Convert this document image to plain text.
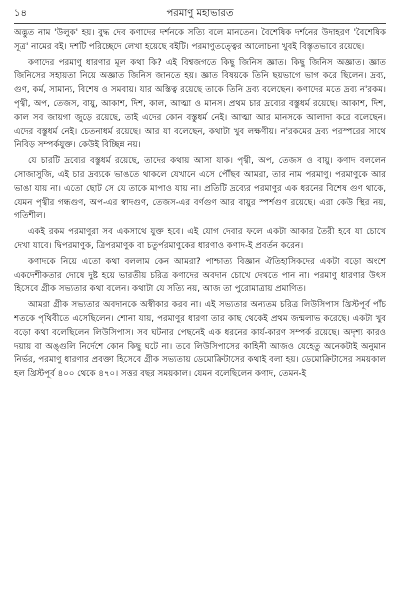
১৪	পরমাণু মহাভারত

অদ্ভুত নাম 'উলুক' হয়। বুদ্ধ দেব কণাদের দর্শনকে সত্যি বলে মানতেন। বৈশেষিক দর্শনের উদাহরণ 'বৈশেষিক সূত্র' নামের বই। দশটি পরিচ্ছেদে লেখা হয়েছে বইটি। পরমাণুতত্ত্বের আলোচনা খুবই বিস্তৃতভাবে রয়েছে।

কণাদের পরমাণু ধারণার মূল কথা কি? এই বিশ্বজগতে কিছু জিনিস জ্ঞাত। কিছু জিনিস অজ্ঞাত। জ্ঞাত জিনিসের সহায়তা নিয়ে অজ্ঞাত জিনিস জানতে হয়। জ্ঞাত বিষয়কে তিনি ছয়ভাগে ভাগ করে ছিলেন। দ্রব্য, গুণ, কর্ম, সামান্য, বিশেষ ও সমবায়। যার অস্তিত্ব রয়েছে তাকে তিনি দ্রব্য বলেছেন। কণাদের মতে দ্রব্য ন'রকম। পৃথ্বী, অপ, তেজস, বায়ু, আকাশ, দিশ, কাল, আত্মা ও মানস। প্রথম চার দ্রব্যের বস্তুধর্ম রয়েছে। আকাশ, দিশ, কাল সব জায়গা জুড়ে রয়েছে, তাই এদের কোন বস্তুধর্ম নেই। আত্মা আর মানসকে আলাদা করে বলেছেন। এদের বস্তুধর্ম নেই। চেতনাধর্ম রয়েছে। আর যা বলেছেন, কথাটা খুব লক্ষণীয়। ন'রকমের দ্রব্য পরস্পরের সাথে নিবিড় সম্পর্কযুক্ত। কেউই বিচ্ছিন্ন নয়।

যে চারটি দ্রব্যের বস্তুধর্ম রয়েছে, তাদের কথায় আসা যাক। পৃথ্বী, অপ, তেজস ও বায়ু। কণাদ বললেন সোজাসুজি, এই চার দ্রব্যকে ভাঙতে থাকলে যেখানে এসে পৌঁছব আমরা, তার নাম পরমাণু। পরমাণুকে আর ভাঙা যায় না। এতো ছোট সে যে তাকে মাপাও যায় না। প্রতিটি দ্রব্যের পরমাণুর এক ধরনের বিশেষ গুণ থাকে, যেমন পৃথ্বীর গন্ধগুণ, অপ-এর স্বাদগুণ, তেজস-এর বর্ণগুণ আর বায়ুর স্পর্শগুণ রয়েছে। এরা কেউ স্থির নয়, গতিশীল।

একই রকম পরমাণুরা সব একসাথে যুক্ত হবে। এই যোগ দেবার ফলে একটা আকার তৈরী হবে যা চোখে দেখা যাবে। দ্বিপরমাণুক, ত্রিপরমাণুক বা চতুর্পরমাণুকের ধারণাও কণাদ-ই প্রবর্তন করেন।

কণাদকে নিয়ে এতো কথা বললাম কেন আমরা? পাশ্চাত্য বিজ্ঞান ঐতিহাসিকদের একটা বড়ো অংশে একদেশীকতার দোষে দুষ্ট হয়ে ভারতীয় চরিত্র কণাদের অবদান চোখে দেখতে পান না। পরমাণু ধারণার উৎস হিসেবে গ্রীক সভ্যতার কথা বলেন। কথাটা যে সত্যি নয়, আজ তা পুরোমাত্রায় প্রমাণিত।

আমরা গ্রীক সভ্যতার অবদানকে অস্বীকার করব না। এই সভ্যতার অন্যতম চরিত্র লিউসিপাস খ্রিস্টপূর্ব পাঁচ শতকে পৃথিবীতে এসেছিলেন। শোনা যায়, পরমাণুর ধারণা তার কাছ থেকেই প্রথম জন্মলাভ করেছে। একটা খুব বড়ো কথা বলেছিলেন লিউসিপাস। সব ঘটনার পেছনেই এক ধরনের কার্য-কারণ সম্পর্ক রয়েছে। অদৃশ্য কারও দয়ায় বা অঙ্গুলি নির্দেশে কোন কিছু ঘটে না। তবে লিউসিপাসের কাহিনী আজও যেহেতু অনেকটাই অনুমান নির্ভর, পরমাণু ধারণার প্রবক্তা হিসেবে গ্রীক সভ্যতায় ডেমোক্রিটাসের কথাই বলা হয়। ডেমোক্রিটাসের সময়কাল হল খ্রিস্টপূর্ব ৪০০ থেকে ৪৭০। সত্তর বছর সময়কাল। যেমন বলেছিলেন কণাদ, তেমন-ই
